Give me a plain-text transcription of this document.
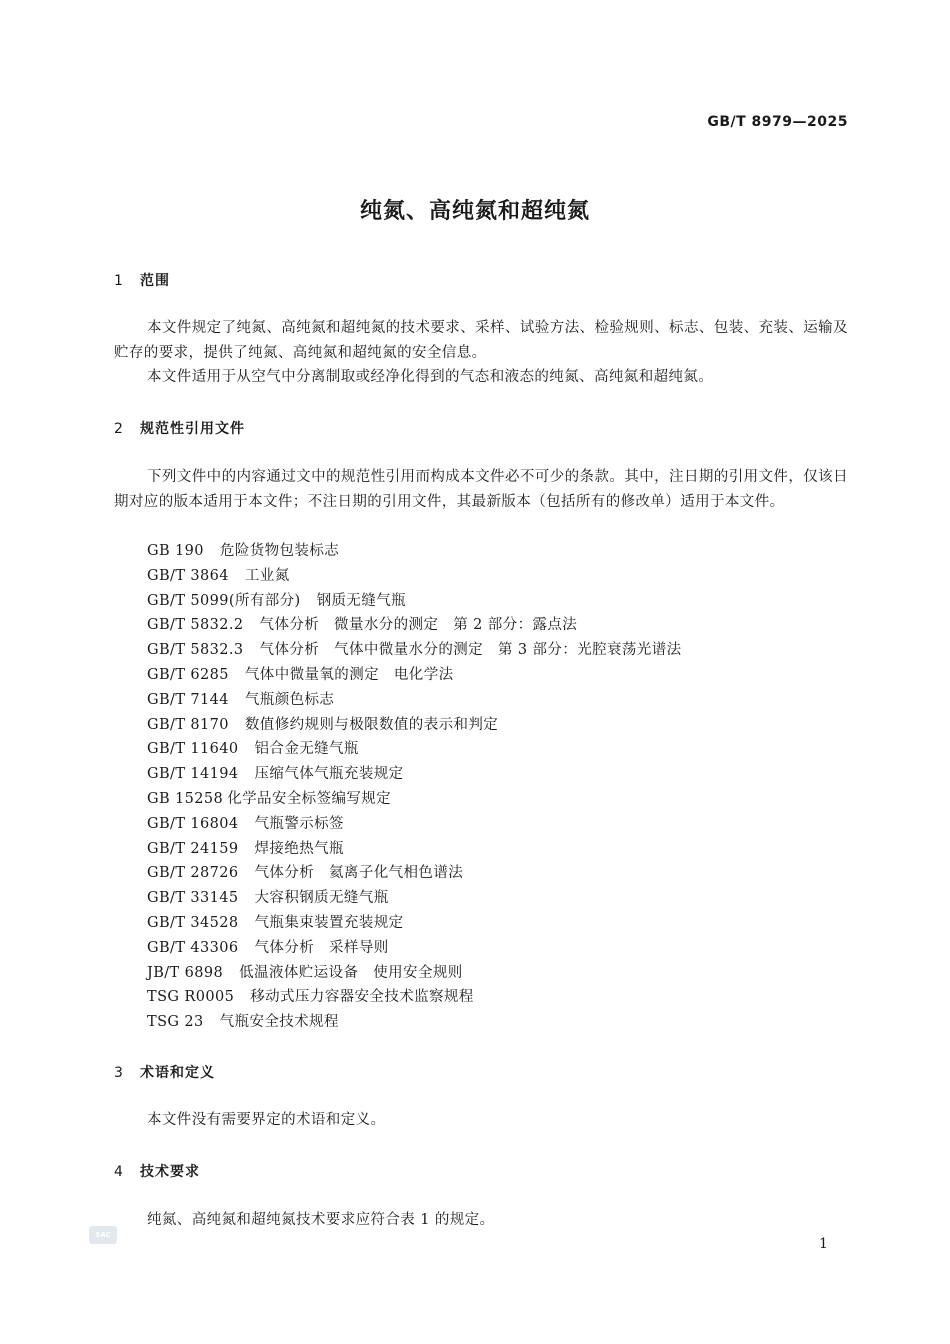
GB/T 8979—2025
纯氮、高纯氮和超纯氮
1 范围

本文件规定了纯氮、高纯氮和超纯氮的技术要求、采样、试验方法、检验规则、标志、包装、充装、运输及贮存的要求，提供了纯氮、高纯氮和超纯氮的安全信息。

本文件适用于从空气中分离制取或经净化得到的气态和液态的纯氮、高纯氮和超纯氮。

2 规范性引用文件

下列文件中的内容通过文中的规范性引用而构成本文件必不可少的条款。其中，注日期的引用文件，仅该日期对应的版本适用于本文件；不注日期的引用文件，其最新版本（包括所有的修改单）适用于本文件。

GB 190 危险货物包装标志
GB/T 3864 工业氮
GB/T 5099(所有部分) 钢质无缝气瓶
GB/T 5832.2 气体分析　微量水分的测定　第 2 部分：露点法
GB/T 5832.3 气体分析　气体中微量水分的测定　第 3 部分：光腔衰荡光谱法
GB/T 6285 气体中微量氧的测定　电化学法
GB/T 7144 气瓶颜色标志
GB/T 8170 数值修约规则与极限数值的表示和判定
GB/T 11640 铝合金无缝气瓶
GB/T 14194 压缩气体气瓶充装规定
GB 15258 化学品安全标签编写规定
GB/T 16804 气瓶警示标签
GB/T 24159 焊接绝热气瓶
GB/T 28726 气体分析　氦离子化气相色谱法
GB/T 33145 大容积钢质无缝气瓶
GB/T 34528 气瓶集束装置充装规定
GB/T 43306 气体分析　采样导则
JB/T 6898 低温液体贮运设备　使用安全规则
TSG R0005 移动式压力容器安全技术监察规程
TSG 23 气瓶安全技术规程
3 术语和定义

本文件没有需要界定的术语和定义。

4 技术要求

纯氮、高纯氮和超纯氮技术要求应符合表 1 的规定。

SAC
1
